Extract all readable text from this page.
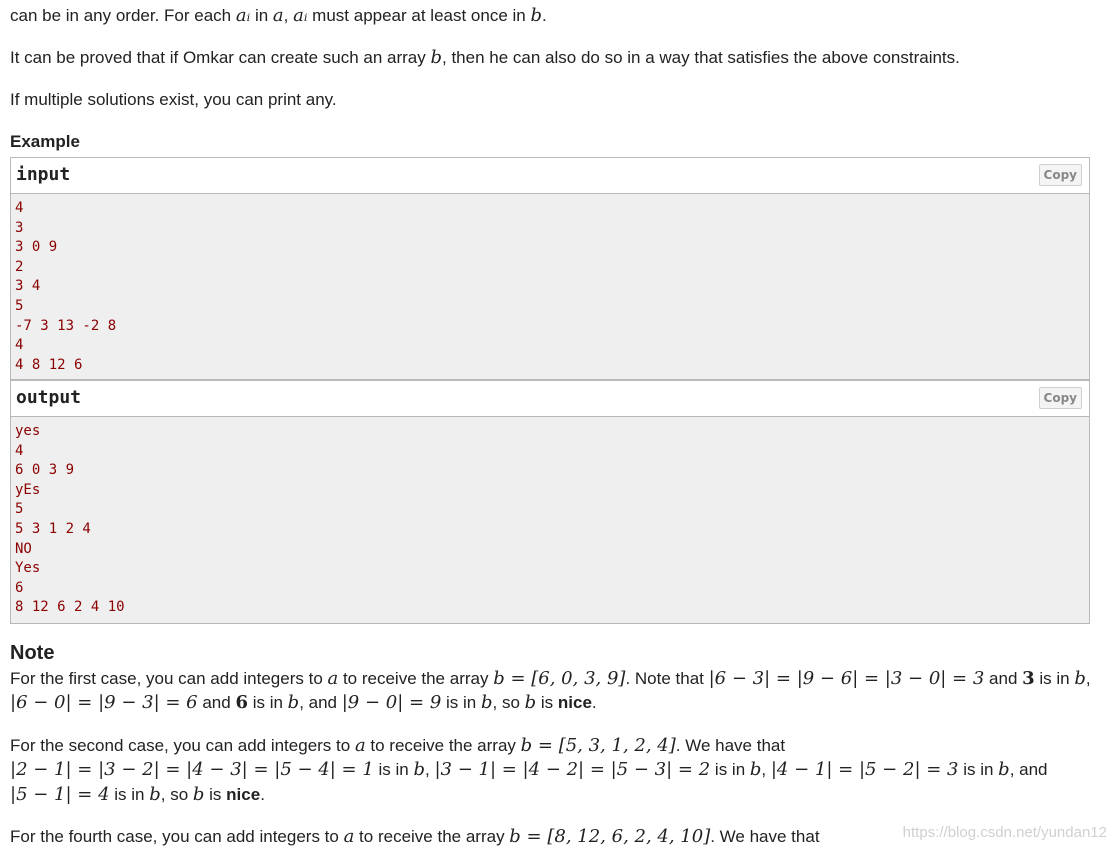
can be in any order. For each aᵢ in a, aᵢ must appear at least once in b.

It can be proved that if Omkar can create such an array b, then he can also do so in a way that satisfies the above constraints.

If multiple solutions exist, you can print any.

Example
input	Copy
4
3
3 0 9
2
3 4
5
-7 3 13 -2 8
4
4 8 12 6
output	Copy
yes
4
6 0 3 9
yEs
5
5 3 1 2 4
NO
Yes
6
8 12 6 2 4 10
Note

For the first case, you can add integers to a to receive the array b = [6, 0, 3, 9]. Note that |6 − 3| = |9 − 6| = |3 − 0| = 3 and 3 is in b,

|6 − 0| = |9 − 3| = 6 and 6 is in b, and |9 − 0| = 9 is in b, so b is nice.

For the second case, you can add integers to a to receive the array b = [5, 3, 1, 2, 4]. We have that

|2 − 1| = |3 − 2| = |4 − 3| = |5 − 4| = 1 is in b, |3 − 1| = |4 − 2| = |5 − 3| = 2 is in b, |4 − 1| = |5 − 2| = 3 is in b, and

|5 − 1| = 4 is in b, so b is nice.

For the fourth case, you can add integers to a to receive the array b = [8, 12, 6, 2, 4, 10]. We have that	https://blog.csdn.net/yundan12
